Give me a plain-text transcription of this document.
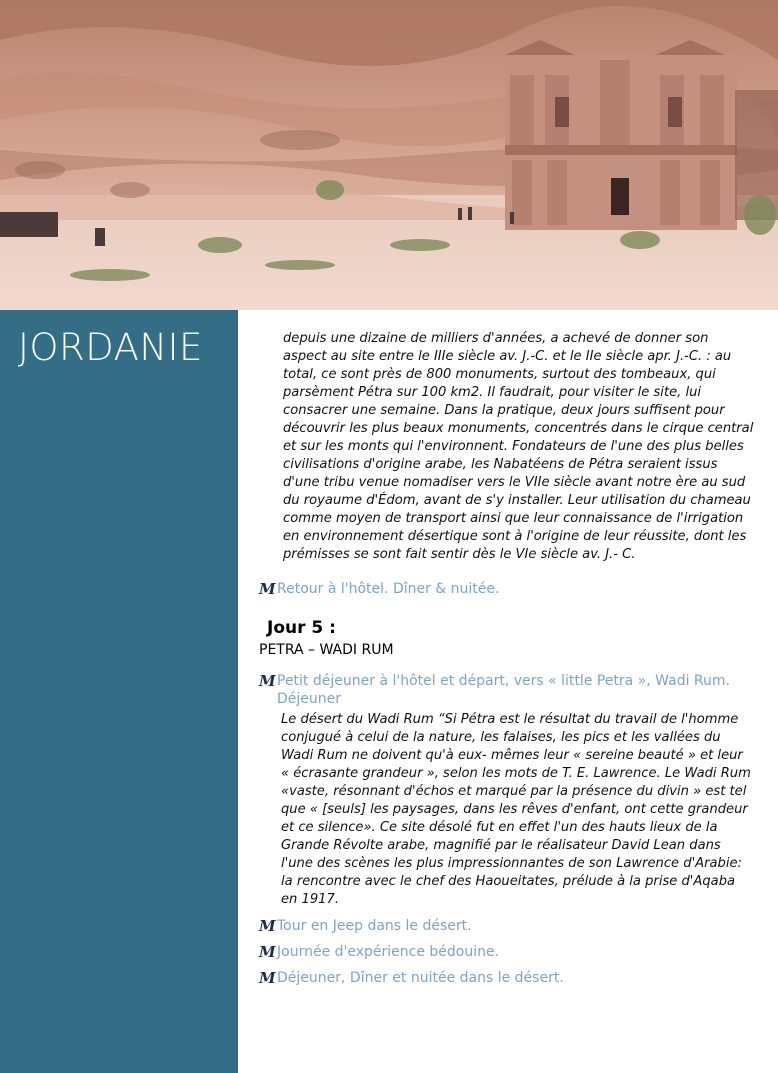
JORDANIE	depuis une dizaine de milliers d'années, a achevé de donner son aspect au site entre le IIIe siècle av. J.-C. et le IIe siècle apr. J.-C. : au total, ce sont près de 800 monuments, surtout des tombeaux, qui parsèment Pétra sur 100 km2. Il faudrait, pour visiter le site, lui consacrer une semaine. Dans la pratique, deux jours suffisent pour découvrir les plus beaux monuments, concentrés dans le cirque central et sur les monts qui l'environnent. Fondateurs de l'une des plus belles civilisations d'origine arabe, les Nabatéens de Pétra seraient issus d'une tribu venue nomadiser vers le VIIe siècle avant notre ère au sud du royaume d'Édom, avant de s'y installer. Leur utilisation du chameau comme moyen de transport ainsi que leur connaissance de l'irrigation en environnement désertique sont à l'origine de leur réussite, dont les prémisses se sont fait sentir dès le VIe siècle av. J.- C.

M Retour à l'hôtel. Dîner & nuitée.
Jour 5 :
PETRA – WADI RUM
M Petit déjeuner à l'hôtel et départ, vers « little Petra », Wadi Rum. Déjeuner

Le désert du Wadi Rum “Si Pétra est le résultat du travail de l'homme conjugué à celui de la nature, les falaises, les pics et les vallées du Wadi Rum ne doivent qu'à eux- mêmes leur « sereine beauté » et leur « écrasante grandeur », selon les mots de T. E. Lawrence. Le Wadi Rum «vaste, résonnant d'échos et marqué par la présence du divin » est tel que « [seuls] les paysages, dans les rêves d'enfant, ont cette grandeur et ce silence». Ce site désolé fut en effet l'un des hauts lieux de la Grande Révolte arabe, magnifié par le réalisateur David Lean dans l'une des scènes les plus impressionnantes de son Lawrence d'Arabie: la rencontre avec le chef des Haoueitates, prélude à la prise d'Aqaba en 1917.

M Tour en Jeep dans le désert.
M Journée d'expérience bédouine.
M Déjeuner, Dîner et nuitée dans le désert.
